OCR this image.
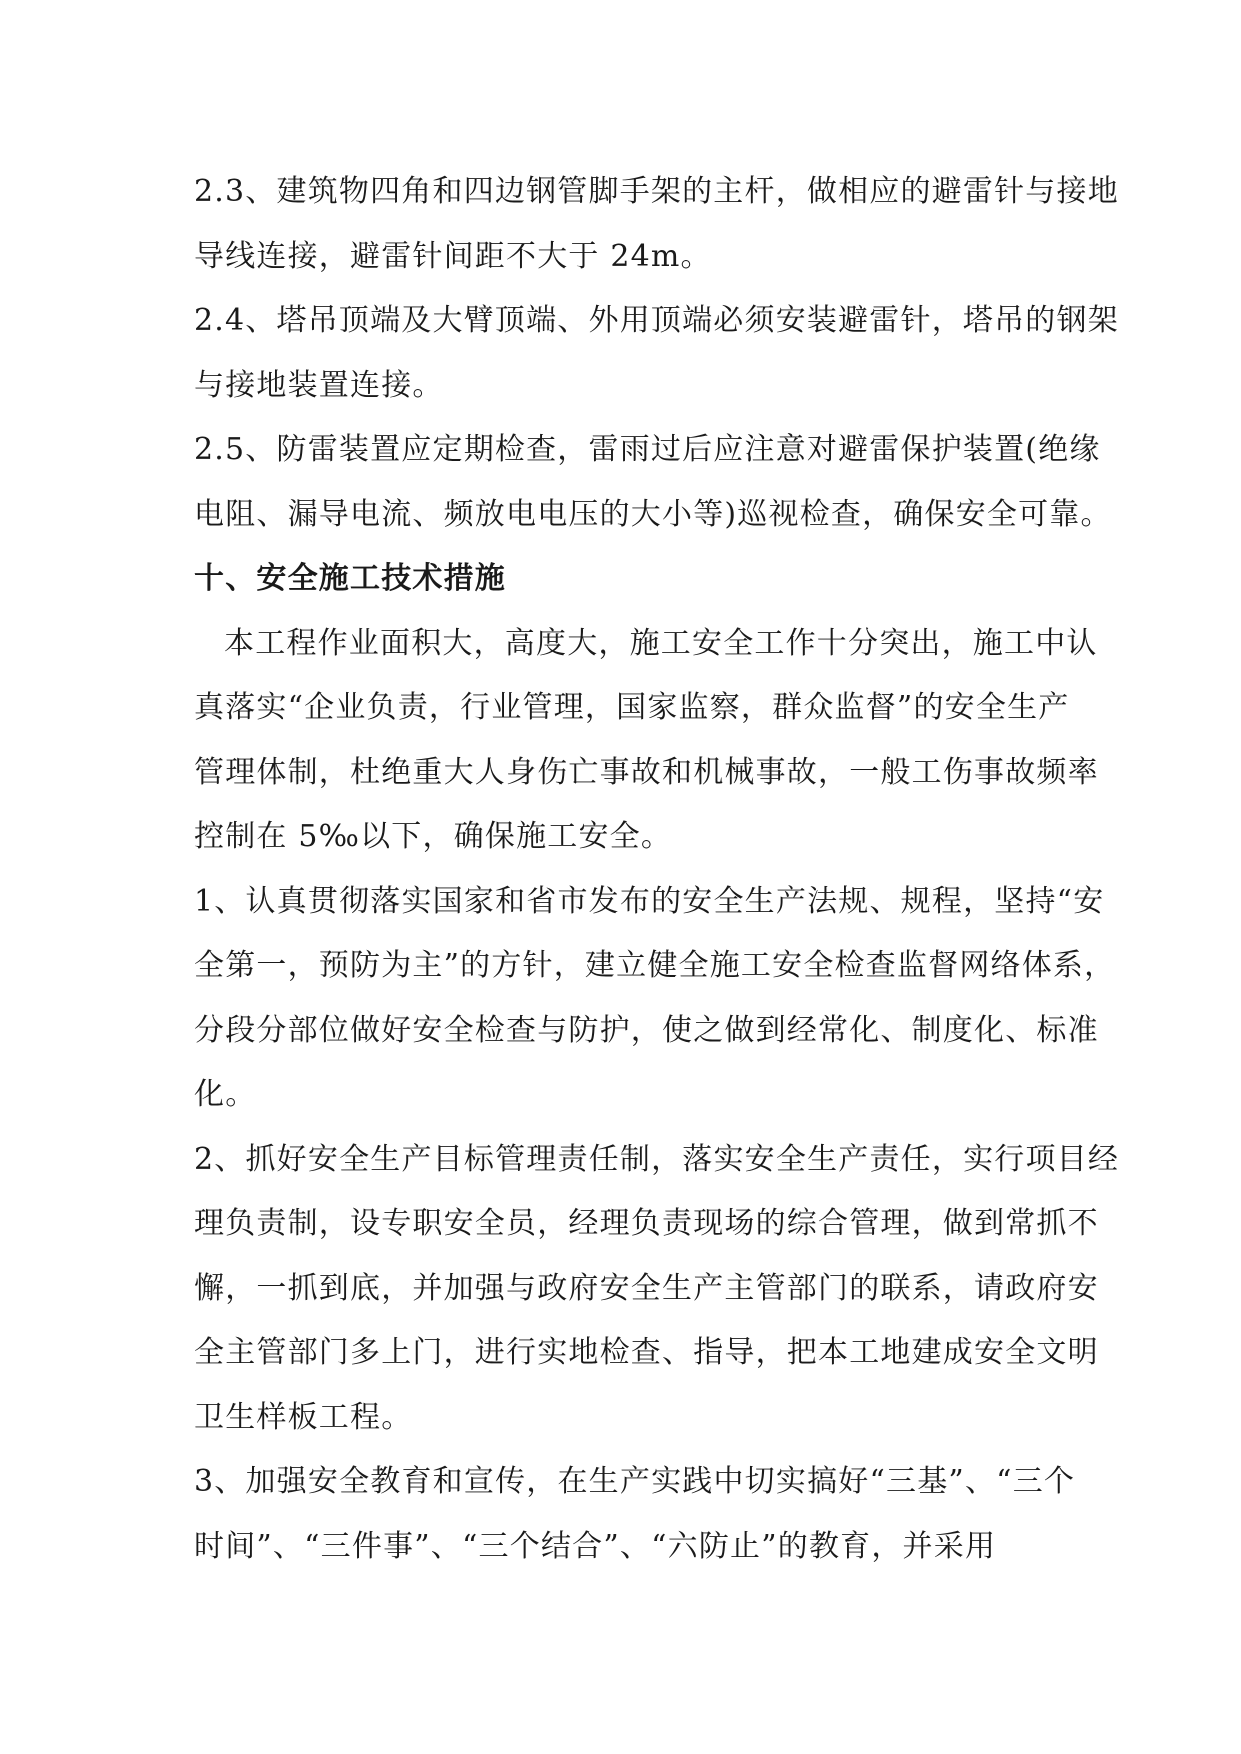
2.3、建筑物四角和四边钢管脚手架的主杆，做相应的避雷针与接地
导线连接，避雷针间距不大于 24m。
2.4、塔吊顶端及大臂顶端、外用顶端必须安装避雷针，塔吊的钢架
与接地装置连接。
2.5、防雷装置应定期检查，雷雨过后应注意对避雷保护装置(绝缘
电阻、漏导电流、频放电电压的大小等)巡视检查，确保安全可靠。
十、安全施工技术措施
本工程作业面积大，高度大，施工安全工作十分突出，施工中认
真落实“企业负责，行业管理，国家监察，群众监督”的安全生产
管理体制，杜绝重大人身伤亡事故和机械事故，一般工伤事故频率
控制在 5‰以下，确保施工安全。
1、认真贯彻落实国家和省市发布的安全生产法规、规程，坚持“安
全第一，预防为主”的方针，建立健全施工安全检查监督网络体系，
分段分部位做好安全检查与防护，使之做到经常化、制度化、标准
化。
2、抓好安全生产目标管理责任制，落实安全生产责任，实行项目经
理负责制，设专职安全员，经理负责现场的综合管理，做到常抓不
懈，一抓到底，并加强与政府安全生产主管部门的联系，请政府安
全主管部门多上门，进行实地检查、指导，把本工地建成安全文明
卫生样板工程。
3、加强安全教育和宣传，在生产实践中切实搞好“三基”、“三个
时间”、“三件事”、“三个结合”、“六防止”的教育，并采用
